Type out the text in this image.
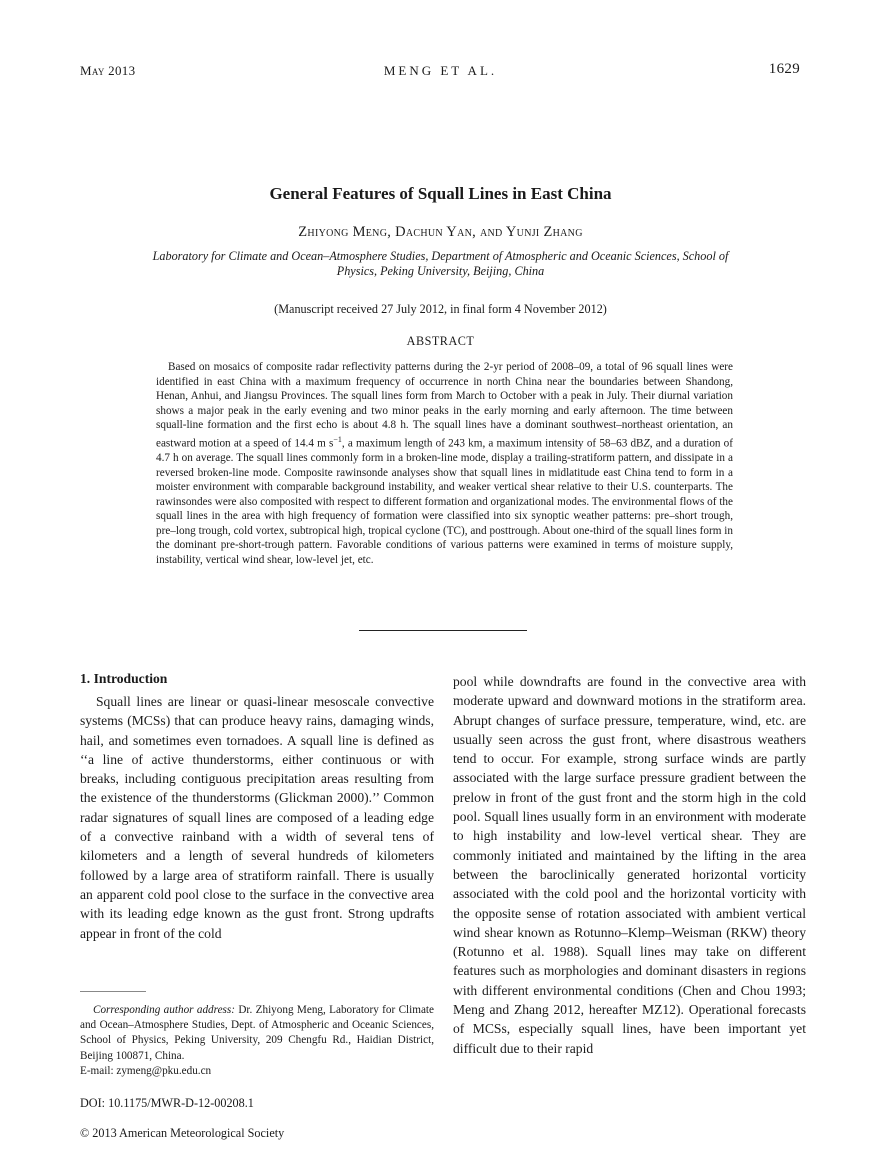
May 2013	MENG ET AL.	1629
General Features of Squall Lines in East China
Zhiyong Meng, Dachun Yan, and Yunji Zhang
Laboratory for Climate and Ocean–Atmosphere Studies, Department of Atmospheric and Oceanic Sciences, School of Physics, Peking University, Beijing, China
(Manuscript received 27 July 2012, in final form 4 November 2012)
ABSTRACT
Based on mosaics of composite radar reflectivity patterns during the 2-yr period of 2008–09, a total of 96 squall lines were identified in east China with a maximum frequency of occurrence in north China near the boundaries between Shandong, Henan, Anhui, and Jiangsu Provinces. The squall lines form from March to October with a peak in July. Their diurnal variation shows a major peak in the early evening and two minor peaks in the early morning and early afternoon. The time between squall-line formation and the first echo is about 4.8 h. The squall lines have a dominant southwest–northeast orientation, an eastward motion at a speed of 14.4 m $s^{-1}$, a maximum length of 243 km, a maximum intensity of 58–63 dBZ, and a duration of 4.7 h on average. The squall lines commonly form in a broken-line mode, display a trailing-stratiform pattern, and dissipate in a reversed broken-line mode. Composite rawinsonde analyses show that squall lines in midlatitude east China tend to form in a moister environment with comparable background instability, and weaker vertical shear relative to their U.S. counterparts. The rawinsondes were also composited with respect to different formation and organizational modes. The environmental flows of the squall lines in the area with high frequency of formation were classified into six synoptic weather patterns: pre–short trough, pre–long trough, cold vortex, subtropical high, tropical cyclone (TC), and posttrough. About one-third of the squall lines form in the dominant pre-short-trough pattern. Favorable conditions of various patterns were examined in terms of moisture supply, instability, vertical wind shear, low-level jet, etc.
1. Introduction
Squall lines are linear or quasi-linear mesoscale convective systems (MCSs) that can produce heavy rains, damaging winds, hail, and sometimes even tornadoes. A squall line is defined as ‘‘a line of active thunderstorms, either continuous or with breaks, including contiguous precipitation areas resulting from the existence of the thunderstorms (Glickman 2000).’’ Common radar signatures of squall lines are composed of a leading edge of a convective rainband with a width of several tens of kilometers and a length of several hundreds of kilometers followed by a large area of stratiform rainfall. There is usually an apparent cold pool close to the surface in the convective area with its leading edge known as the gust front. Strong updrafts appear in front of the cold
pool while downdrafts are found in the convective area with moderate upward and downward motions in the stratiform area. Abrupt changes of surface pressure, temperature, wind, etc. are usually seen across the gust front, where disastrous weathers tend to occur. For example, strong surface winds are partly associated with the large surface pressure gradient between the prelow in front of the gust front and the storm high in the cold pool. Squall lines usually form in an environment with moderate to high instability and low-level vertical shear. They are commonly initiated and maintained by the lifting in the area between the baroclinically generated horizontal vorticity associated with the cold pool and the horizontal vorticity with the opposite sense of rotation associated with ambient vertical wind shear known as Rotunno–Klemp–Weisman (RKW) theory (Rotunno et al. 1988). Squall lines may take on different features such as morphologies and dominant disasters in regions with different environmental conditions (Chen and Chou 1993; Meng and Zhang 2012, hereafter MZ12). Operational forecasts of MCSs, especially squall lines, have been important yet difficult due to their rapid
Corresponding author address: Dr. Zhiyong Meng, Laboratory for Climate and Ocean–Atmosphere Studies, Dept. of Atmospheric and Oceanic Sciences, School of Physics, Peking University, 209 Chengfu Rd., Haidian District, Beijing 100871, China.
E-mail: zymeng@pku.edu.cn
DOI: 10.1175/MWR-D-12-00208.1
© 2013 American Meteorological Society
